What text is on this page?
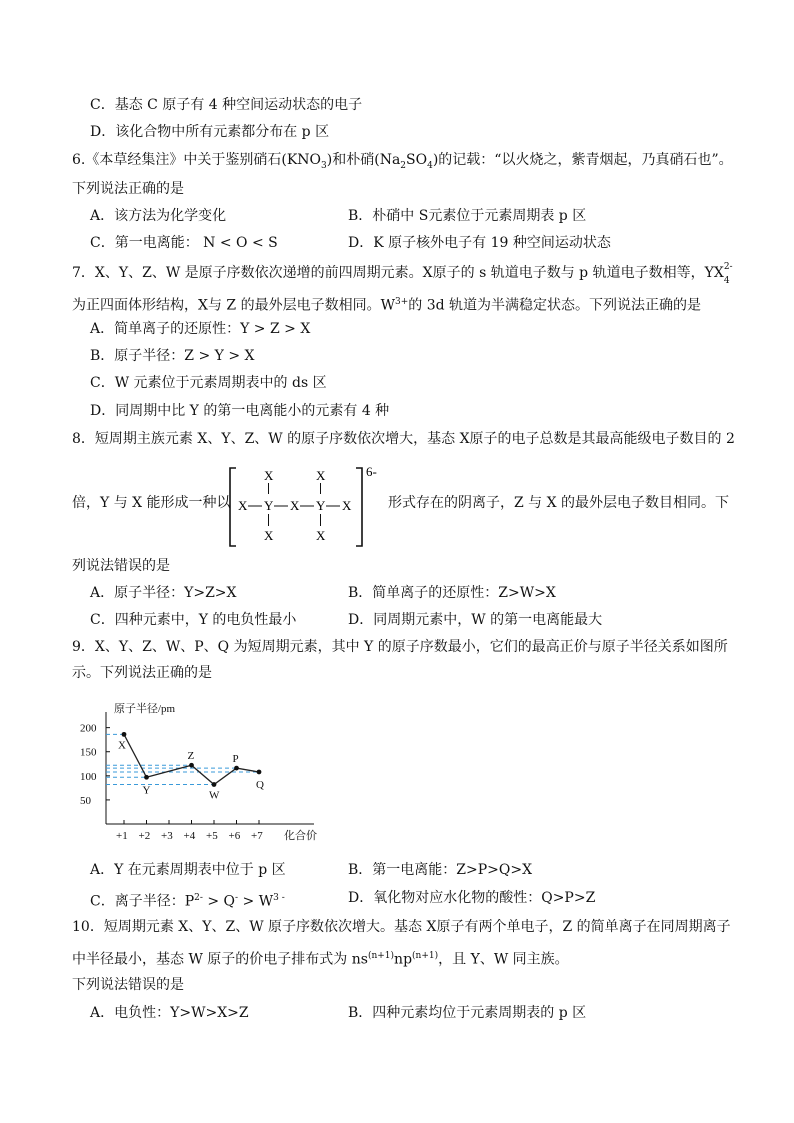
C．基态 C 原子有 4 种空间运动状态的电子
D．该化合物中所有元素都分布在 p 区
6.《本草经集注》中关于鉴别硝石$(KNO_3)$和朴硝$(Na_2SO_4)$的记载：“以火烧之，紫青烟起，乃真硝石也”。
下列说法正确的是
A．该方法为化学变化	B．朴硝中 S元素位于元素周期表 p 区
C．第一电离能： N < O < S	D．K 原子核外电子有 19 种空间运动状态
7．X、Y、Z、W 是原子序数依次递增的前四周期元素。X原子的 s 轨道电子数与 p 轨道电子数相等，YX 2-
4
为正四面体形结构，X与 Z 的最外层电子数相同。$W^{3+}$的 3d 轨道为半满稳定状态。下列说法正确的是
A．简单离子的还原性：Y > Z > X
B．原子半径：Z > Y > X
C．W 元素位于元素周期表中的 ds 区
D．同周期中比 Y 的第一电离能小的元素有 4 种
8．短周期主族元素 X、Y、Z、W 的原子序数依次增大，基态 X原子的电子总数是其最高能级电子数目的 2
倍，Y 与 X 能形成一种以	形式存在的阴离子，Z 与 X 的最外层电子数目相同。下
6-
X	X
X Y X Y X
X	X
列说法错误的是
A．原子半径：Y>Z>X	B．简单离子的还原性：Z>W>X
C．四种元素中，Y 的电负性最小	D．同周期元素中，W 的第一电离能最大
9．X、Y、Z、W、P、Q 为短周期元素，其中 Y 的原子序数最小，它们的最高正价与原子半径关系如图所
示。下列说法正确的是
原子半径/pm
X
Y
Z
W
P
Q
50
100
150
200
+1 +2 +3 +4 +5 +6 +7 化合价
A．Y 在元素周期表中位于 p 区	B．第一电离能：Z>P>Q>X
C．离子半径：$P^{2-} > Q^- > W^{3 -}$	D．氧化物对应水化物的酸性：Q>P>Z
10．短周期元素 X、Y、Z、W 原子序数依次增大。基态 X原子有两个单电子，Z 的简单离子在同周期离子
中半径最小，基态 W 原子的价电子排布式为 $ns^{(n+1)}np^{(n+1)}$，且 Y、W 同主族。
下列说法错误的是
A．电负性：Y>W>X>Z	B．四种元素均位于元素周期表的 p 区
